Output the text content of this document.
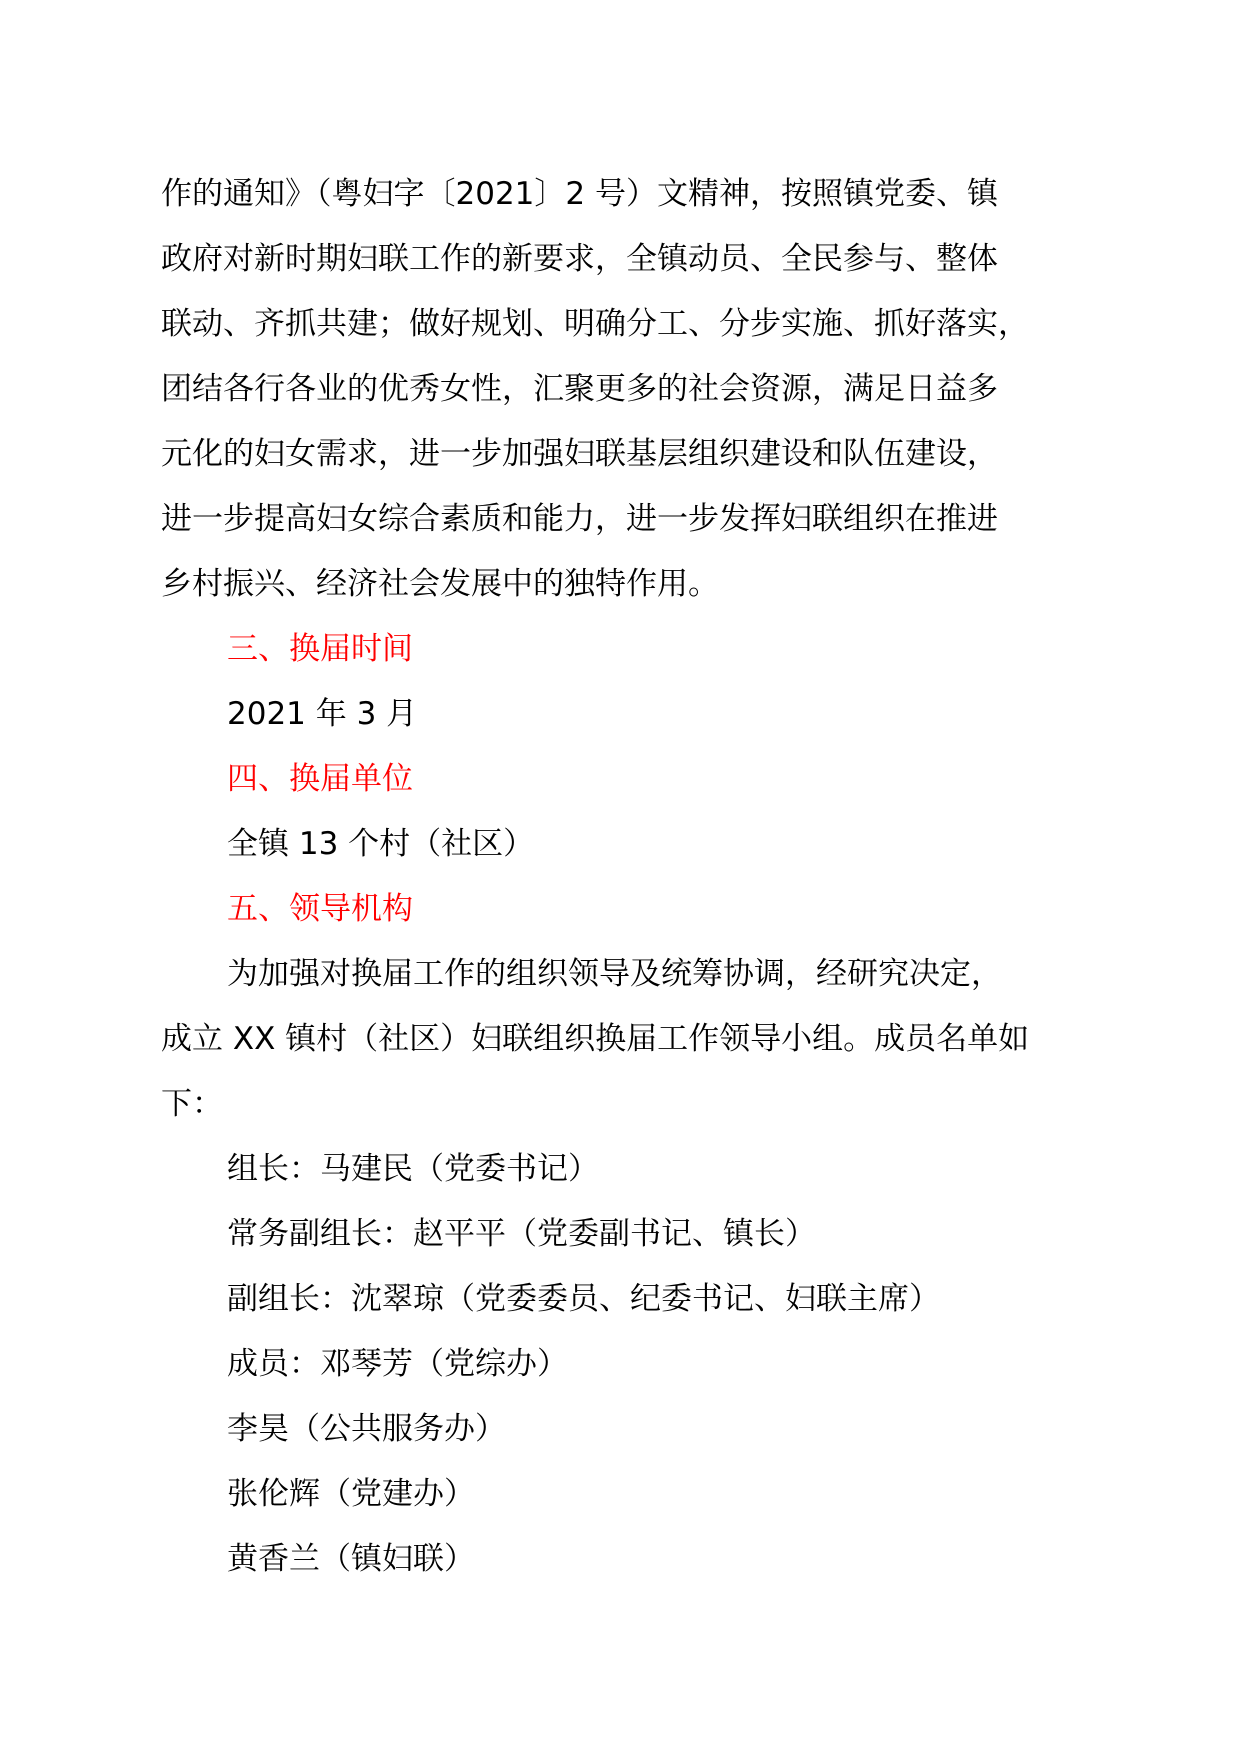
作的通知》（粤妇字〔2021〕2 号）文精神，按照镇党委、镇
政府对新时期妇联工作的新要求，全镇动员、全民参与、整体
联动、齐抓共建；做好规划、明确分工、分步实施、抓好落实，
团结各行各业的优秀女性，汇聚更多的社会资源，满足日益多
元化的妇女需求，进一步加强妇联基层组织建设和队伍建设，
进一步提高妇女综合素质和能力，进一步发挥妇联组织在推进
乡村振兴、经济社会发展中的独特作用。
三、换届时间
2021 年 3 月
四、换届单位
全镇 13 个村（社区）
五、领导机构
为加强对换届工作的组织领导及统筹协调，经研究决定，
成立 XX 镇村（社区）妇联组织换届工作领导小组。成员名单如
下：
组长：马建民（党委书记）
常务副组长：赵平平（党委副书记、镇长）
副组长：沈翠琼（党委委员、纪委书记、妇联主席）
成员：邓琴芳（党综办）
李昊（公共服务办）
张伦辉（党建办）
黄香兰（镇妇联）
